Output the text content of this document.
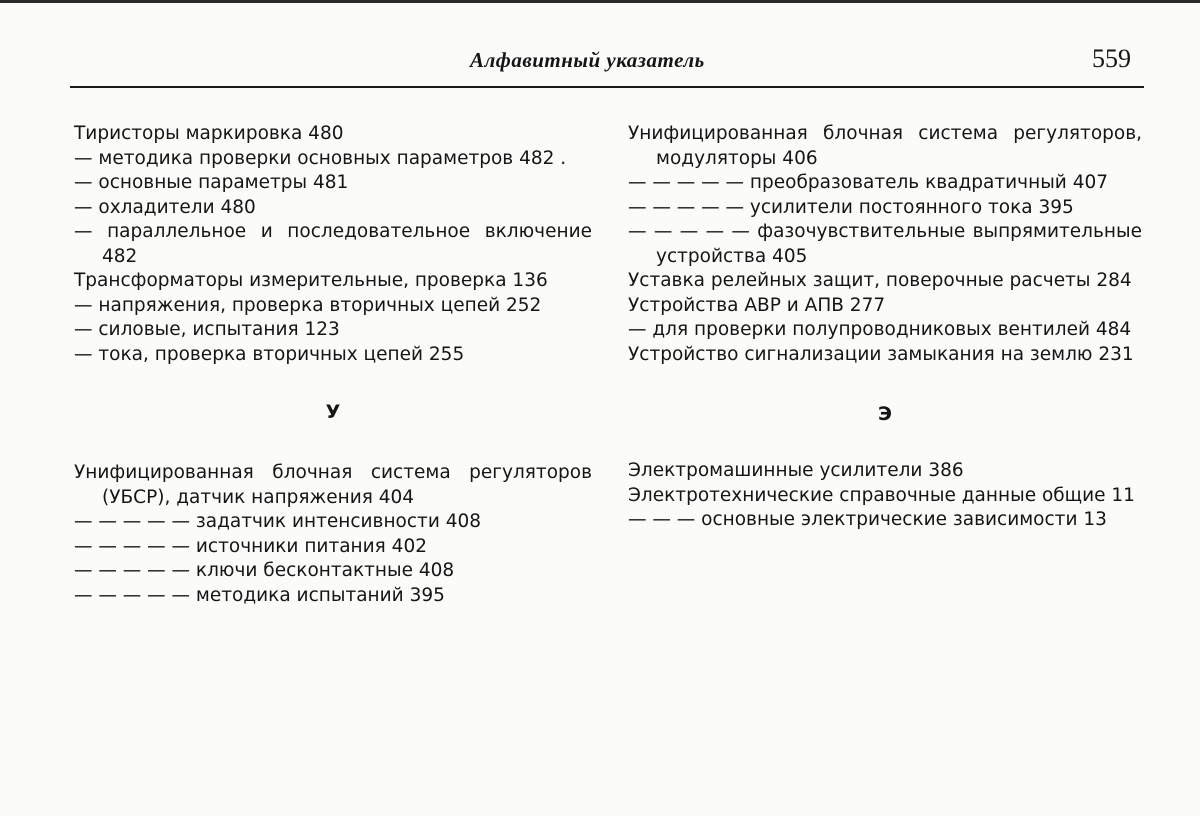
Алфавитный указатель	559

Тиристоры маркировка 480

— методика проверки основных параметров 482 .

— основные параметры 481

— охладители 480

— параллельное и последовательное включение 482

Трансформаторы измерительные, проверка 136

— напряжения, проверка вторичных цепей 252

— силовые, испытания 123

— тока, проверка вторичных цепей 255

У

Унифицированная блочная система регуляторов (УБСР), датчик напряжения 404

— — — — — задатчик интенсивности 408

— — — — — источники питания 402

— — — — — ключи бесконтактные 408

— — — — — методика испытаний 395

Унифицированная блочная система регуляторов, модуляторы 406

— — — — — преобразователь квадратичный 407

— — — — — усилители постоянного тока 395

— — — — — фазочувствительные выпрямительные устройства 405

Уставка релейных защит, поверочные расчеты 284

Устройства АВР и АПВ 277

— для проверки полупроводниковых вентилей 484

Устройство сигнализации замыкания на землю 231

Э

Электромашинные усилители 386

Электротехнические справочные данные общие 11

— — — основные электрические зависимости 13
